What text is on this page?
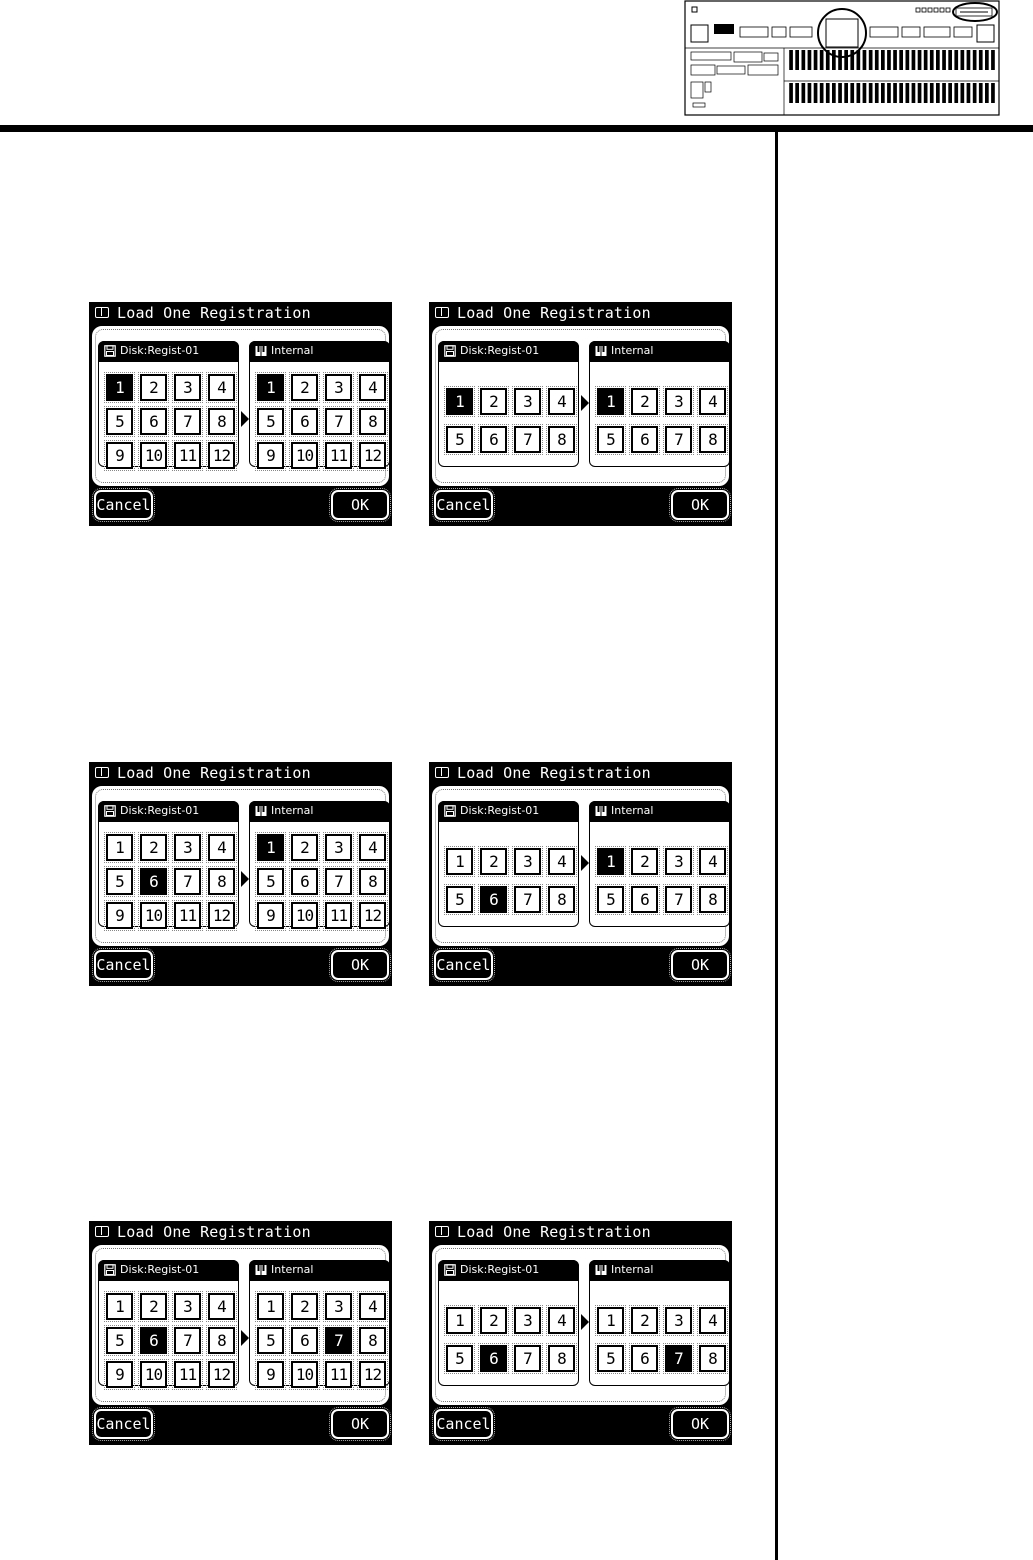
Load One Registration
Disk:Regist-01
1	2	3	4
5	6	7	8
9	10	11	12
Internal
1	2	3	4
5	6	7	8
9	10	11	12
Cancel	OK
Load One Registration
Disk:Regist-01
1	2	3	4
5	6	7	8
Internal
1	2	3	4
5	6	7	8
Cancel	OK
Load One Registration
Disk:Regist-01
1	2	3	4
5	6	7	8
9	10	11	12
Internal
1	2	3	4
5	6	7	8
9	10	11	12
Cancel	OK
Load One Registration
Disk:Regist-01
1	2	3	4
5	6	7	8
Internal
1	2	3	4
5	6	7	8
Cancel	OK
Load One Registration
Disk:Regist-01
1	2	3	4
5	6	7	8
9	10	11	12
Internal
1	2	3	4
5	6	7	8
9	10	11	12
Cancel	OK
Load One Registration
Disk:Regist-01
1	2	3	4
5	6	7	8
Internal
1	2	3	4
5	6	7	8
Cancel	OK
